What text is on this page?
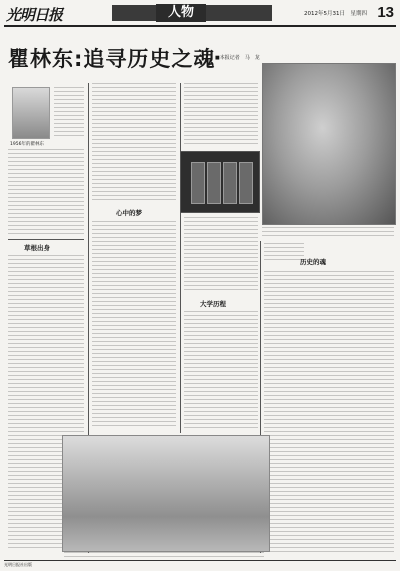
光明日报	人物	2012年5月31日　星期四 13
瞿林东:追寻历史之魂 ■本报记者　马　龙
1956年的瞿林东
草根出身
心中的梦
大学历程
历史的魂
光明日报社出版
